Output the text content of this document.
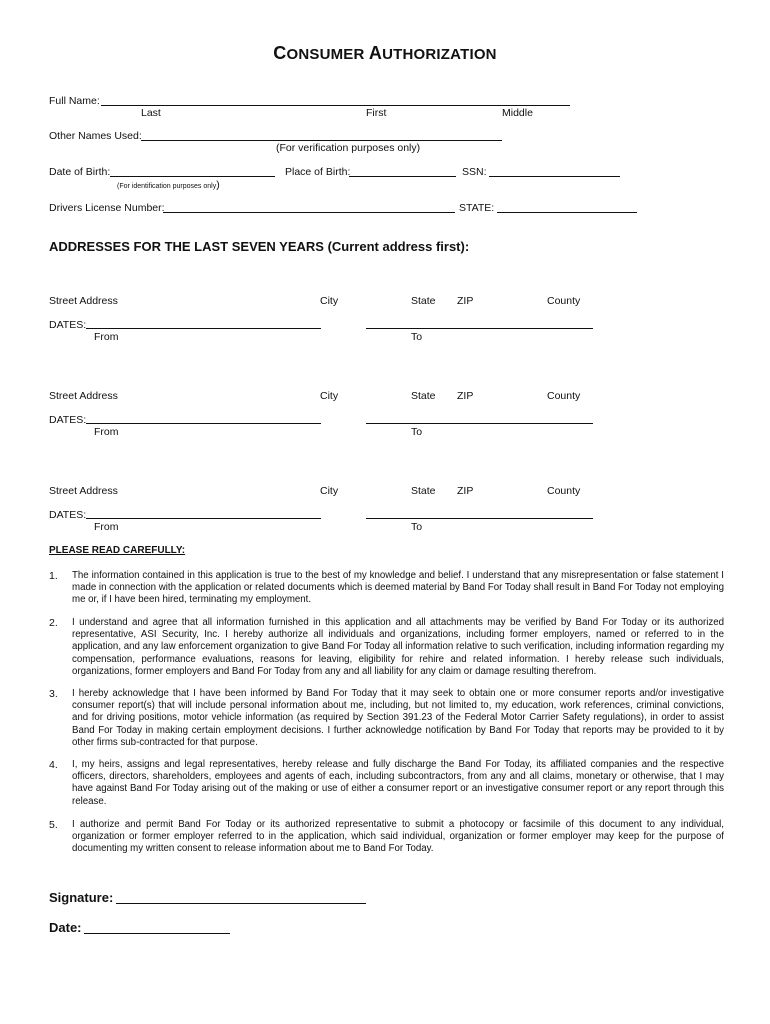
CONSUMER AUTHORIZATION
Full Name:
Last	First	Middle
Other Names Used:
(For verification purposes only)
Date of Birth:
(For identification purposes only)
Place of Birth:	SSN:
Drivers License Number:	STATE:
ADDRESSES FOR THE LAST SEVEN YEARS (Current address first):
Street Address	City	State ZIP	County
DATES:
From	To
Street Address	City	State ZIP	County
DATES:
From	To
Street Address	City	State ZIP	County
DATES:
From	To
PLEASE READ CAREFULLY:
1. The information contained in this application is true to the best of my knowledge and belief. I understand that any misrepresentation or false statement I made in connection with the application or related documents which is deemed material by Band For Today shall result in Band For Today not employing me or, if I have been hired, terminating my employment.
2. I understand and agree that all information furnished in this application and all attachments may be verified by Band For Today or its authorized representative, ASI Security, Inc. I hereby authorize all individuals and organizations, including former employers, named or referred to in the application, and any law enforcement organization to give Band For Today all information relative to such verification, including information regarding my compensation, performance evaluations, reasons for leaving, eligibility for rehire and related information. I hereby release such individuals, organizations, former employers and Band For Today from any and all liability for any claim or damage resulting therefrom.
3. I hereby acknowledge that I have been informed by Band For Today that it may seek to obtain one or more consumer reports and/or investigative consumer report(s) that will include personal information about me, including, but not limited to, my education, work references, criminal convictions, and for driving positions, motor vehicle information (as required by Section 391.23 of the Federal Motor Carrier Safety regulations), in order to assist Band For Today in making certain employment decisions. I further acknowledge notification by Band For Today that reports may be provided to it by other firms sub-contracted for that purpose.
4. I, my heirs, assigns and legal representatives, hereby release and fully discharge the Band For Today, its affiliated companies and the respective officers, directors, shareholders, employees and agents of each, including subcontractors, from any and all claims, monetary or otherwise, that I may have against Band For Today arising out of the making or use of either a consumer report or an investigative consumer report or any report through this release.
5. I authorize and permit Band For Today or its authorized representative to submit a photocopy or facsimile of this document to any individual, organization or former employer referred to in the application, which said individual, organization or former employer may keep for the purpose of documenting my written consent to release information about me to Band For Today.
Signature:
Date:
